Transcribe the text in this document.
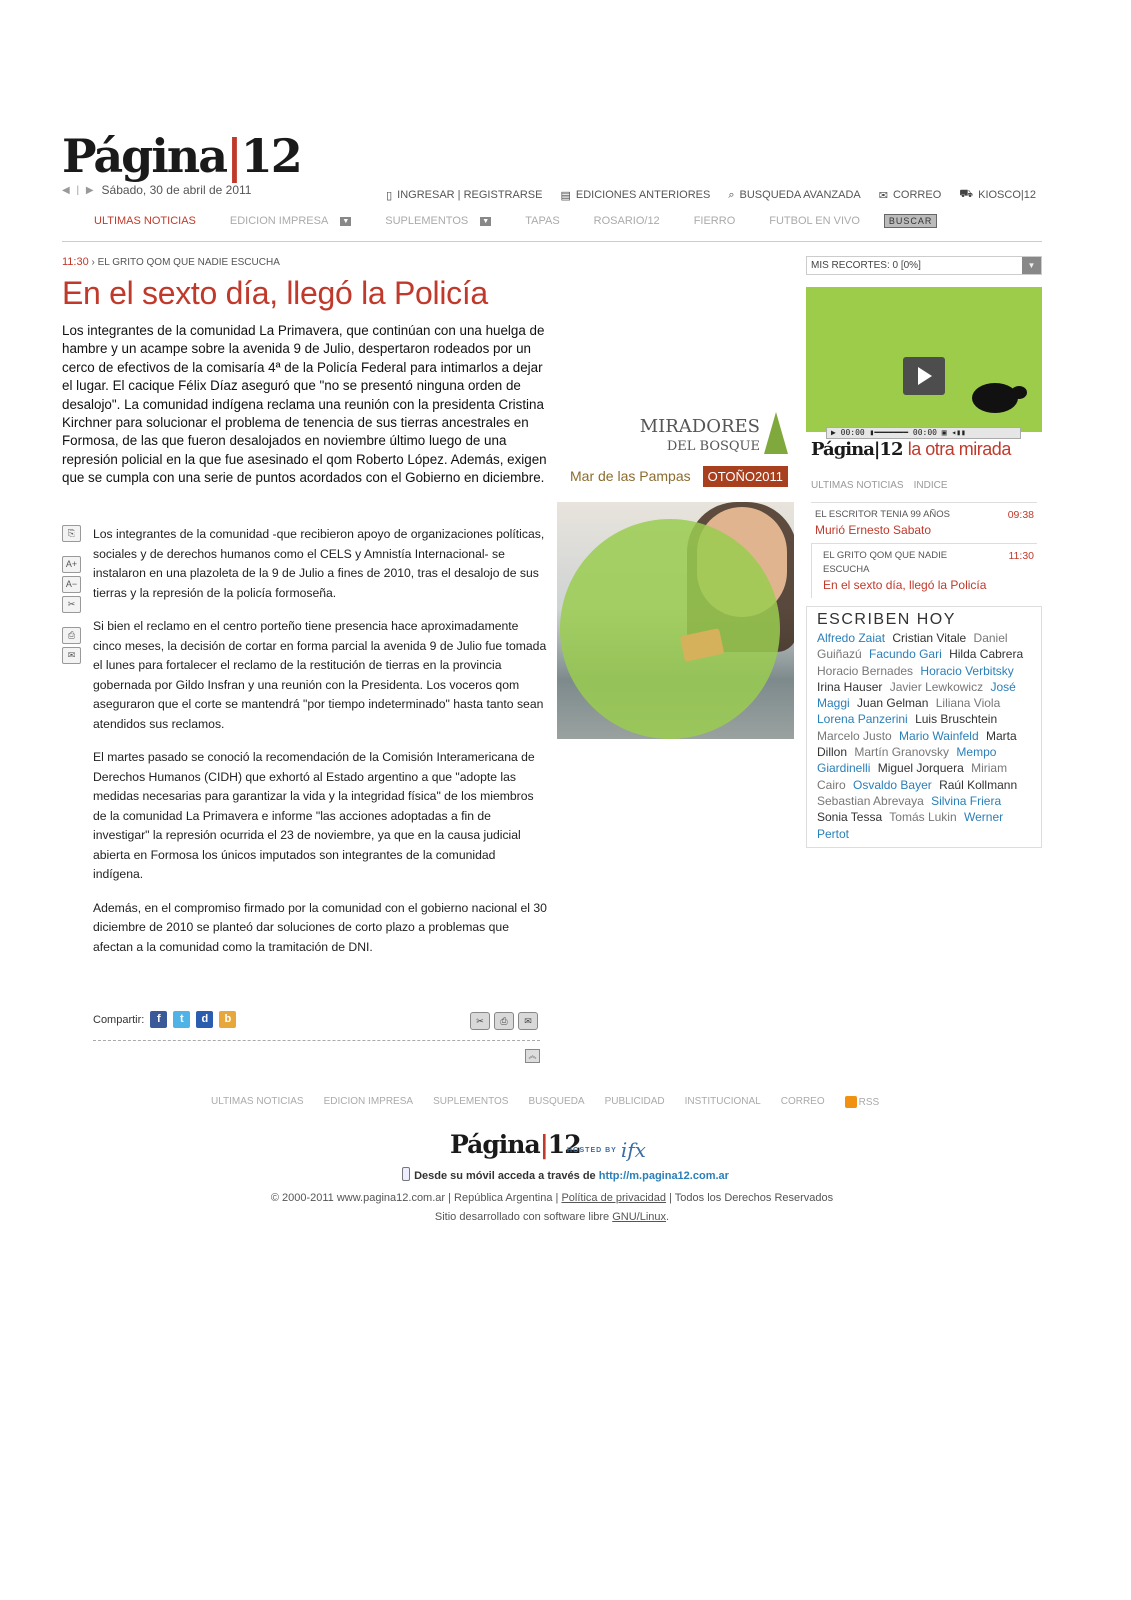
Página|12
◀ | ▶ Sábado, 30 de abril de 2011	▯ INGRESAR | REGISTRARSE ▤ EDICIONES ANTERIORES ⌕ BUSQUEDA AVANZADA ✉ CORREO ⛟ KIOSCO|12
ULTIMAS NOTICIAS	EDICION IMPRESA ▼	SUPLEMENTOS ▼	TAPAS	ROSARIO/12	FIERRO	FUTBOL EN VIVO	BUSCAR
11:30 › EL GRITO QOM QUE NADIE ESCUCHA
En el sexto día, llegó la Policía
Los integrantes de la comunidad La Primavera, que continúan con una huelga de hambre y un acampe sobre la avenida 9 de Julio, despertaron rodeados por un cerco de efectivos de la comisaría 4ª de la Policía Federal para intimarlos a dejar el lugar. El cacique Félix Díaz aseguró que "no se presentó ninguna orden de desalojo". La comunidad indígena reclama una reunión con la presidenta Cristina Kirchner para solucionar el problema de tenencia de sus tierras ancestrales en Formosa, de las que fueron desalojados en noviembre último luego de una represión policial en la que fue asesinado el qom Roberto López. Además, exigen que se cumpla con una serie de puntos acordados con el Gobierno en diciembre.
⎘
A+
A−
✂
⎙
✉

Los integrantes de la comunidad -que recibieron apoyo de organizaciones políticas, sociales y de derechos humanos como el CELS y Amnistía Internacional- se instalaron en una plazoleta de la 9 de Julio a fines de 2010, tras el desalojo de sus tierras y la represión de la policía formoseña.

Si bien el reclamo en el centro porteño tiene presencia hace aproximadamente cinco meses, la decisión de cortar en forma parcial la avenida 9 de Julio fue tomada el lunes para fortalecer el reclamo de la restitución de tierras en la provincia gobernada por Gildo Insfran y una reunión con la Presidenta. Los voceros qom aseguraron que el corte se mantendrá "por tiempo indeterminado" hasta tanto sean atendidos sus reclamos.

El martes pasado se conoció la recomendación de la Comisión Interamericana de Derechos Humanos (CIDH) que exhortó al Estado argentino a que "adopte las medidas necesarias para garantizar la vida y la integridad física" de los miembros de la comunidad La Primavera e informe "las acciones adoptadas a fin de investigar" la represión ocurrida el 23 de noviembre, ya que en la causa judicial abierta en Formosa los únicos imputados son integrantes de la comunidad indígena.

Además, en el compromiso firmado por la comunidad con el gobierno nacional el 30 diciembre de 2010 se planteó dar soluciones de corto plazo a problemas que afectan a la comunidad como la tramitación de DNI.

Compartir:	f	t	d	b	✂	⎙	✉
︽
MIRADORES
DEL BOSQUE
Mar de las Pampas	OTOÑO2011
MIS RECORTES: 0 [0%]	▼
▶ 00:00 ▮━━━━━━━ 00:00 ▣ ◂▮▮
Página|12 la otra mirada
ULTIMAS NOTICIAS INDICE
EL ESCRITOR TENIA 99 AÑOS	09:38
Murió Ernesto Sabato
EL GRITO QOM QUE NADIE ESCUCHA
11:30
En el sexto día, llegó la Policía
ESCRIBEN HOY
Alfredo Zaiat Cristian Vitale Daniel Guiñazú Facundo Gari Hilda Cabrera Horacio Bernades Horacio Verbitsky Irina Hauser Javier Lewkowicz José Maggi Juan Gelman Liliana Viola Lorena Panzerini Luis Bruschtein Marcelo Justo Mario Wainfeld Marta Dillon Martín Granovsky Mempo Giardinelli Miguel Jorquera Miriam Cairo Osvaldo Bayer Raúl Kollmann Sebastian Abrevaya Silvina Friera Sonia Tessa Tomás Lukin Werner Pertot
ULTIMAS NOTICIAS EDICION IMPRESA SUPLEMENTOS BUSQUEDA PUBLICIDAD INSTITUCIONAL CORREO	RSS
Página|12
HOSTED BY ifx
Desde su móvil acceda a través de http://m.pagina12.com.ar
© 2000-2011 www.pagina12.com.ar | República Argentina | Política de privacidad | Todos los Derechos Reservados
Sitio desarrollado con software libre GNU/Linux.
